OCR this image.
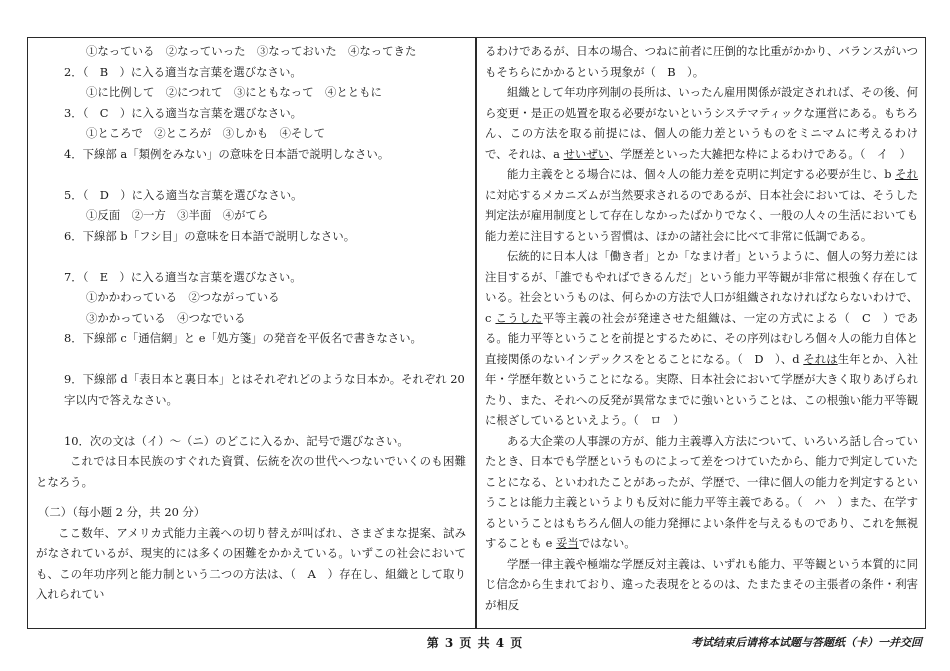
①なっている　②なっていった　③なっておいた　④なってきた
2．（　B　）に入る適当な言葉を選びなさい。
①に比例して　②につれて　③にともなって　④とともに
3．（　C　）に入る適当な言葉を選びなさい。
①ところで　②ところが　③しかも　④そして
4．下線部 a「類例をみない」の意味を日本語で説明しなさい。
5．（　D　）に入る適当な言葉を選びなさい。
①反面　②一方　③半面　④がてら
6．下線部 b「フシ目」の意味を日本語で説明しなさい。
7．（　E　）に入る適当な言葉を選びなさい。
①かかわっている　②つながっている
③かかっている　④つなでいる
8．下線部 c「通信網」と e「処方箋」の発音を平仮名で書きなさい。
9．下線部 d「表日本と裏日本」とはそれぞれどのような日本か。それぞれ 20 字以内で答えなさい。
10．次の文は（イ）～（ニ）のどこに入るか、記号で選びなさい。
これでは日本民族のすぐれた資質、伝統を次の世代へつないでいくのも困難となろう。
（二）（每小题 2 分，共 20 分）
ここ数年、アメリカ式能力主義への切り替えが叫ばれ、さまざまな提案、試みがなされているが、現実的には多くの困難をかかえている。いずこの社会においても、この年功序列と能力制という二つの方法は、（　A　）存在し、組織として取り入れられてい
るわけであるが、日本の場合、つねに前者に圧倒的な比重がかかり、バランスがいつもそちらにかかるという現象が（　B　）。
組織として年功序列制の長所は、いったん雇用関係が設定されれば、その後、何ら変更・是正の処置を取る必要がないというシステマティックな運営にある。もちろん、この方法を取る前提には、個人の能力差というものをミニマムに考えるわけで、それは、a せいぜい、学歴差といった大雑把な枠によるわけである。（　イ　）
能力主義をとる場合には、個々人の能力差を克明に判定する必要が生じ、b それに対応するメカニズムが当然要求されるのであるが、日本社会においては、そうした判定法が雇用制度として存在しなかったばかりでなく、一般の人々の生活においても能力差に注目するという習慣は、ほかの諸社会に比べて非常に低調である。
伝統的に日本人は「働き者」とか「なまけ者」というように、個人の努力差には注目するが、「誰でもやればできるんだ」という能力平等観が非常に根強く存在している。社会というものは、何らかの方法で人口が組織されなければならないわけで、c こうした平等主義の社会が発達させた組織は、一定の方式による（　C　）である。能力平等ということを前提とするために、その序列はむしろ個々人の能力自体と直接関係のないインデックスをとることになる。（　D　）、d それは生年とか、入社年・学歴年数ということになる。実際、日本社会において学歴が大きく取りあげられたり、また、それへの反発が異常なまでに強いということは、この根強い能力平等観に根ざしているといえよう。（　ロ　）
ある大企業の人事課の方が、能力主義導入方法について、いろいろ話し合っていたとき、日本でも学歴というものによって差をつけていたから、能力で判定していたことになる、といわれたことがあったが、学歴で、一律に個人の能力を判定するということは能力主義というよりも反対に能力平等主義である。（　ハ　）また、在学するということはもちろん個人の能力発揮によい条件を与えるものであり、これを無視することも e 妥当ではない。
学歴一律主義や極端な学歴反対主義は、いずれも能力、平等観という本質的に同じ信念から生まれており、違った表現をとるのは、たまたまその主張者の条件・利害が相反
第 3 页 共 4 页	考试结束后请将本试题与答题纸（卡）一并交回
